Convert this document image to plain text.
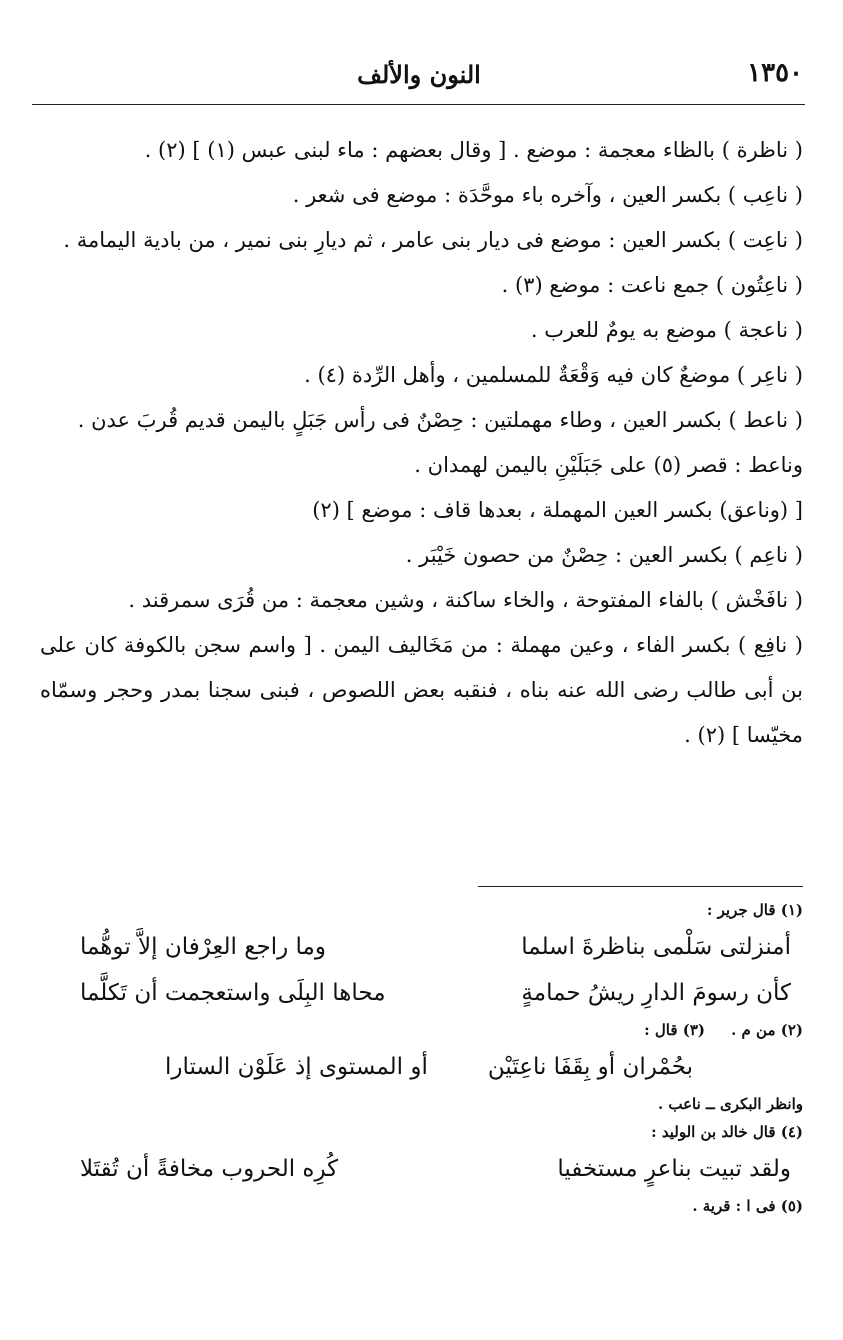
١٣٥٠
النون والألف

( ناظرة ) بالظاء معجمة : موضع . [ وقال بعضهم : ماء لبنى عبس (١) ] (٢) .

( ناعِب ) بكسر العين ، وآخره باء موحَّدَة : موضع فى شعر .

( ناعِت ) بكسر العين : موضع فى ديار بنى عامر ، ثم ديارِ بنى نمير ، من بادية اليمامة .

( ناعِتُون ) جمع ناعت : موضع (٣) .

( ناعجة ) موضع به يومٌ للعرب .

( ناعِر ) موضعٌ كان فيه وَقْعَةٌ للمسلمين ، وأهل الرِّدة (٤) .

( ناعط ) بكسر العين ، وطاء مهملتين : حِصْنٌ فى رأس جَبَلٍ باليمن قديم قُربَ عدن .

وناعط : قصر (٥) على جَبَلَيْنِ باليمن لهمدان .

[ (وناعق) بكسر العين المهملة ، بعدها قاف : موضع ] (٢)

( ناعِم ) بكسر العين : حِصْنٌ من حصون خَيْبَر .

( نافَخْش ) بالفاء المفتوحة ، والخاء ساكنة ، وشين معجمة : من قُرَى سمرقند .

( نافِع ) بكسر الفاء ، وعين مهملة : من مَخَاليف اليمن . [ واسم سجن بالكوفة كان على بن أبى طالب رضى الله عنه بناه ، فنقبه بعض اللصوص ، فبنى سجنا بمدر وحجر وسمّاه مخيّسا ] (٢) .

(١) قال جرير :
أمنزلتى سَلْمى بناظرةَ اسلما
وما راجع العِرْفان إلاَّ توهُّما
كأن رسومَ الدارِ ريشُ حمامةٍ
محاها البِلَى واستعجمت أن تَكلَّما
(٢) من م .     (٣) قال :
بحُمْران أو بِقَفَا ناعِتَيْن
أو المستوى إذ عَلَوْن الستارا
وانظر البكرى ــ ناعب .
(٤) قال خالد بن الوليد :
ولقد تبيت بناعرٍ مستخفيا
كُرِه الحروب مخافةً أن تُقتَلا
(٥) فى ا : قرية .
